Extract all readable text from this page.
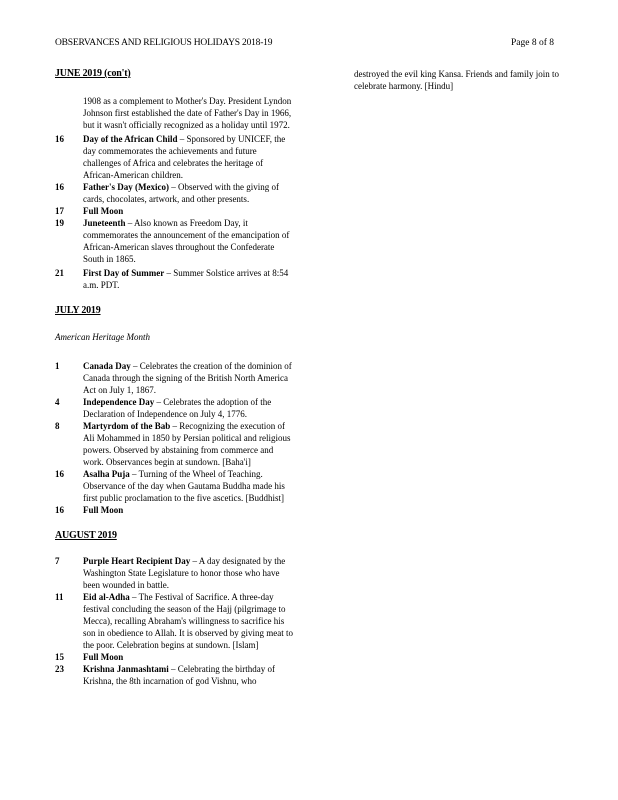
OBSERVANCES AND RELIGIOUS HOLIDAYS 2018-19	Page 8 of 8
JUNE 2019 (con't)
1908 as a complement to Mother's Day. President Lyndon Johnson first established the date of Father's Day in 1966, but it wasn't officially recognized as a holiday until 1972.
16	Day of the African Child – Sponsored by UNICEF, the day commemorates the achievements and future challenges of Africa and celebrates the heritage of African-American children.
16	Father's Day (Mexico) – Observed with the giving of cards, chocolates, artwork, and other presents.
17	Full Moon
19	Juneteenth – Also known as Freedom Day, it commemorates the announcement of the emancipation of African-American slaves throughout the Confederate South in 1865.
21	First Day of Summer – Summer Solstice arrives at 8:54 a.m. PDT.
JULY 2019
American Heritage Month
1	Canada Day – Celebrates the creation of the dominion of Canada through the signing of the British North America Act on July 1, 1867.
4	Independence Day – Celebrates the adoption of the Declaration of Independence on July 4, 1776.
8	Martyrdom of the Bab – Recognizing the execution of Ali Mohammed in 1850 by Persian political and religious powers. Observed by abstaining from commerce and work. Observances begin at sundown. [Baha'i]
16	Asalha Puja – Turning of the Wheel of Teaching. Observance of the day when Gautama Buddha made his first public proclamation to the five ascetics. [Buddhist]
16	Full Moon
AUGUST 2019
7	Purple Heart Recipient Day – A day designated by the Washington State Legislature to honor those who have been wounded in battle.
11	Eid al-Adha – The Festival of Sacrifice. A three-day festival concluding the season of the Hajj (pilgrimage to Mecca), recalling Abraham's willingness to sacrifice his son in obedience to Allah. It is observed by giving meat to the poor. Celebration begins at sundown. [Islam]
15	Full Moon
23	Krishna Janmashtami – Celebrating the birthday of Krishna, the 8th incarnation of god Vishnu, who
destroyed the evil king Kansa. Friends and family join to celebrate harmony. [Hindu]
